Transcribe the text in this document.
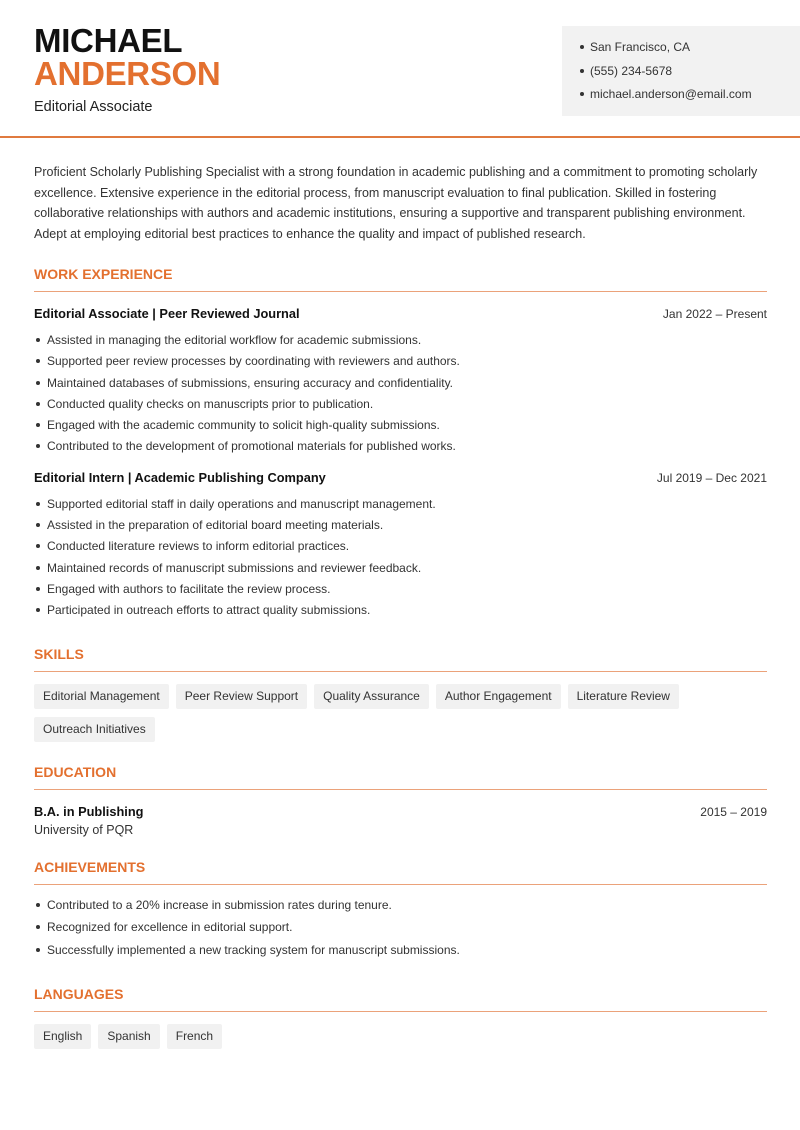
MICHAEL
ANDERSON
Editorial Associate
San Francisco, CA
(555) 234-5678
michael.anderson@email.com

Proficient Scholarly Publishing Specialist with a strong foundation in academic publishing and a commitment to promoting scholarly excellence. Extensive experience in the editorial process, from manuscript evaluation to final publication. Skilled in fostering collaborative relationships with authors and academic institutions, ensuring a supportive and transparent publishing environment. Adept at employing editorial best practices to enhance the quality and impact of published research.

WORK EXPERIENCE
Editorial Associate | Peer Reviewed Journal	Jan 2022 – Present
Assisted in managing the editorial workflow for academic submissions.
Supported peer review processes by coordinating with reviewers and authors.
Maintained databases of submissions, ensuring accuracy and confidentiality.
Conducted quality checks on manuscripts prior to publication.
Engaged with the academic community to solicit high-quality submissions.
Contributed to the development of promotional materials for published works.
Editorial Intern | Academic Publishing Company	Jul 2019 – Dec 2021
Supported editorial staff in daily operations and manuscript management.
Assisted in the preparation of editorial board meeting materials.
Conducted literature reviews to inform editorial practices.
Maintained records of manuscript submissions and reviewer feedback.
Engaged with authors to facilitate the review process.
Participated in outreach efforts to attract quality submissions.
SKILLS
Editorial Management	Peer Review Support	Quality Assurance	Author Engagement	Literature Review
Outreach Initiatives
EDUCATION
B.A. in Publishing	2015 – 2019
University of PQR
ACHIEVEMENTS
Contributed to a 20% increase in submission rates during tenure.
Recognized for excellence in editorial support.
Successfully implemented a new tracking system for manuscript submissions.
LANGUAGES
English	Spanish	French
